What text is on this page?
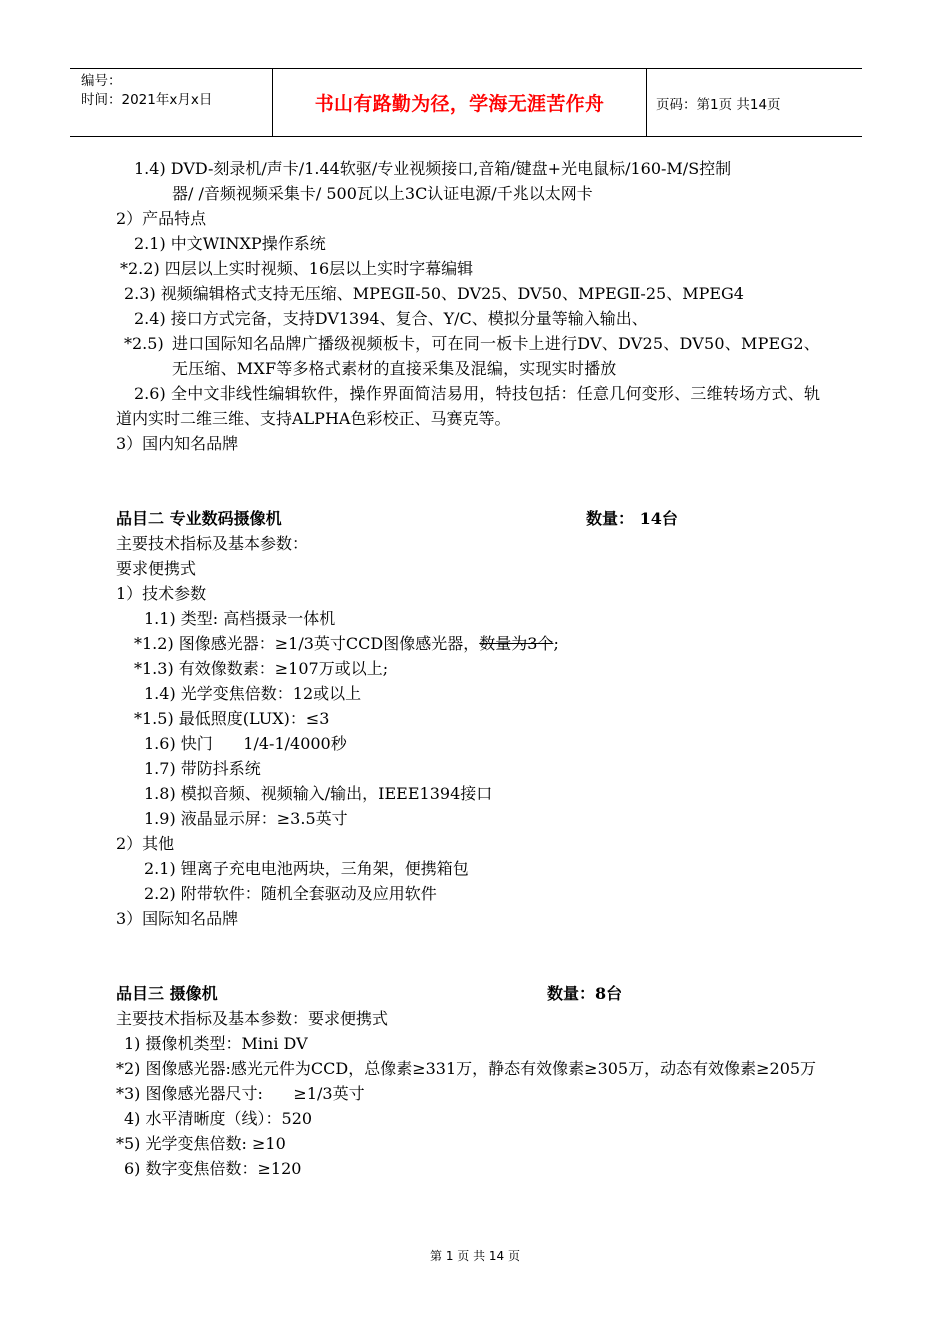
编号：
时间：2021年x月x日	书山有路勤为径，学海无涯苦作舟	页码：第1页 共14页
1.4) DVD-刻录机/声卡/1.44软驱/专业视频接口,音箱/键盘+光电鼠标/160-M/S控制
器/ /音频视频采集卡/ 500瓦以上3C认证电源/千兆以太网卡
2）产品特点
2.1) 中文WINXP操作系统
*2.2) 四层以上实时视频、16层以上实时字幕编辑
2.3) 视频编辑格式支持无压缩、MPEGⅡ-50、DV25、DV50、MPEGⅡ-25、MPEG4
2.4) 接口方式完备，支持DV1394、复合、Y/C、模拟分量等输入输出、
*2.5) 进口国际知名品牌广播级视频板卡，可在同一板卡上进行DV、DV25、DV50、MPEG2、无压缩、MXF等多格式素材的直接采集及混编，实现实时播放
2.6) 全中文非线性编辑软件，操作界面简洁易用，特技包括：任意几何变形、三维转场方式、轨道内实时二维三维、支持ALPHA色彩校正、马赛克等。
3）国内知名品牌
品目二 专业数码摄像机	数量： 14台
主要技术指标及基本参数：
要求便携式
1）技术参数
1.1) 类型: 高档摄录一体机
*1.2) 图像感光器：≥1/3英寸CCD图像感光器，数量为3个;
*1.3) 有效像数素：≥107万或以上;
1.4) 光学变焦倍数：12或以上
*1.5) 最低照度(LUX)：≤3
1.6) 快门      1/4-1/4000秒
1.7) 带防抖系统
1.8) 模拟音频、视频输入/输出，IEEE1394接口
1.9) 液晶显示屏：≥3.5英寸
2）其他
2.1) 锂离子充电电池两块，三角架，便携箱包
2.2) 附带软件：随机全套驱动及应用软件
3）国际知名品牌
品目三 摄像机	数量：8台
主要技术指标及基本参数：要求便携式
1) 摄像机类型：Mini DV
*2) 图像感光器:感光元件为CCD，总像素≥331万，静态有效像素≥305万，动态有效像素≥205万
*3) 图像感光器尺寸:      ≥1/3英寸
4) 水平清晰度（线）：520
*5) 光学变焦倍数: ≥10
6) 数字变焦倍数：≥120
第 1 页 共 14 页
